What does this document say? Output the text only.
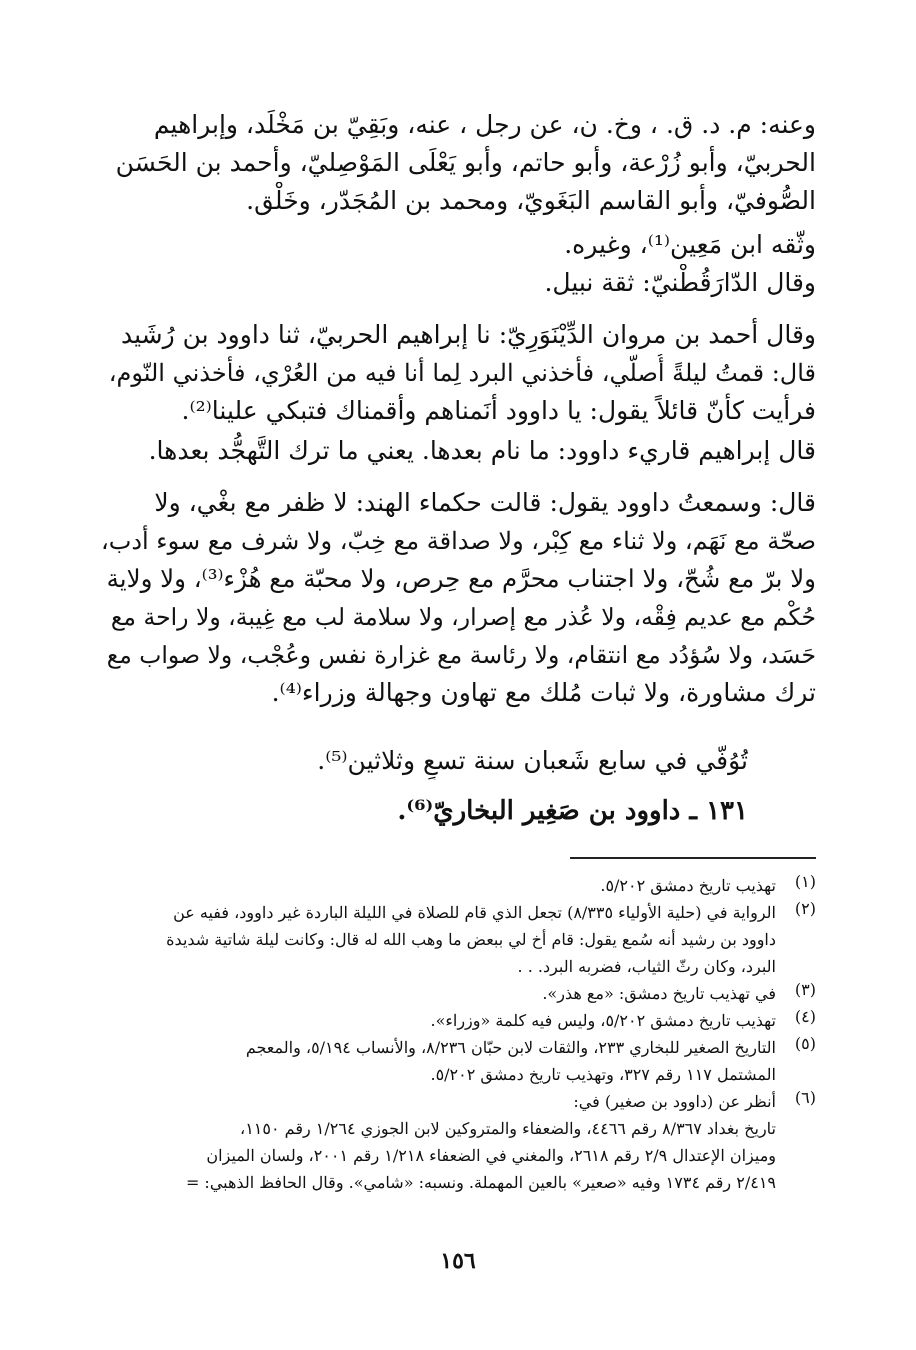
وعنه: م. د. ق. ، وخ. ن، عن رجل ، عنه، وبَقِيّ بن مَخْلَد، وإبراهيم
الحربيّ، وأبو زُرْعة، وأبو حاتم، وأبو يَعْلَى المَوْصِليّ، وأحمد بن الحَسَن
الصُّوفيّ، وأبو القاسم البَغَويّ، ومحمد بن المُجَدّر، وخَلْق.
وثّقه ابن مَعِين⁽¹⁾، وغيره.
وقال الدّارَقُطْنيّ: ثقة نبيل.
وقال أحمد بن مروان الدِّيْنَوَرِيّ: نا إبراهيم الحربيّ، ثنا داوود بن رُشَيد
قال: قمتُ ليلةً أُصلّي، فأخذني البرد لِما أنا فيه من العُرْي، فأخذني النّوم،
فرأيت كأنّ قائلاً يقول: يا داوود أنَمناهم وأقمناك فتبكي علينا⁽²⁾.
قال إبراهيم قاريء داوود: ما نام بعدها. يعني ما ترك التَّهجُّد بعدها.
قال: وسمعتُ داوود يقول: قالت حكماء الهند: لا ظفر مع بغْي، ولا
صحّة مع نَهَم، ولا ثناء مع كِبْر، ولا صداقة مع خِبّ، ولا شرف مع سوء أدب،
ولا برّ مع شُحّ، ولا اجتناب محرَّم مع حِرص، ولا محبّة مع هُزْء⁽³⁾، ولا ولاية
حُكْم مع عديم فِقْه، ولا عُذر مع إصرار، ولا سلامة لب مع غِيبة، ولا راحة مع
حَسَد، ولا سُؤدُد مع انتقام، ولا رئاسة مع غزارة نفس وعُجْب، ولا صواب مع
ترك مشاورة، ولا ثبات مُلك مع تهاون وجهالة وزراء⁽⁴⁾.
تُوُفّي في سابع شَعبان سنة تسعٍ وثلاثين⁽⁵⁾.
١٣١ ـ داوود بن صَغِير البخاريّ⁽⁶⁾.
(١)
تهذيب تاريخ دمشق ٥/٢٠٢.
(٢)
الرواية في (حلية الأولياء ٨/٣٣٥) تجعل الذي قام للصلاة في الليلة الباردة غير داوود، ففيه عن
داوود بن رشيد أنه سُمع يقول: قام أخ لي ببعض ما وهب الله له قال: وكانت ليلة شاتية شديدة
البرد، وكان رثّ الثياب، فضربه البرد. . .
(٣)
في تهذيب تاريخ دمشق: «مع هذر».
(٤)
تهذيب تاريخ دمشق ٥/٢٠٢، وليس فيه كلمة «وزراء».
(٥)
التاريخ الصغير للبخاري ٢٣٣، والثقات لابن حبّان ٨/٢٣٦، والأنساب ٥/١٩٤، والمعجم
المشتمل ١١٧ رقم ٣٢٧، وتهذيب تاريخ دمشق ٥/٢٠٢.
(٦)
أنظر عن (داوود بن صغير) في:
تاريخ بغداد ٨/٣٦٧ رقم ٤٤٦٦، والضعفاء والمتروكين لابن الجوزي ١/٢٦٤ رقم ١١٥٠،
وميزان الإعتدال ٢/٩ رقم ٢٦١٨، والمغني في الضعفاء ١/٢١٨ رقم ٢٠٠١، ولسان الميزان
٢/٤١٩ رقم ١٧٣٤ وفيه «صعير» بالعين المهملة. ونسبه: «شامي». وقال الحافظ الذهبي: =
١٥٦
